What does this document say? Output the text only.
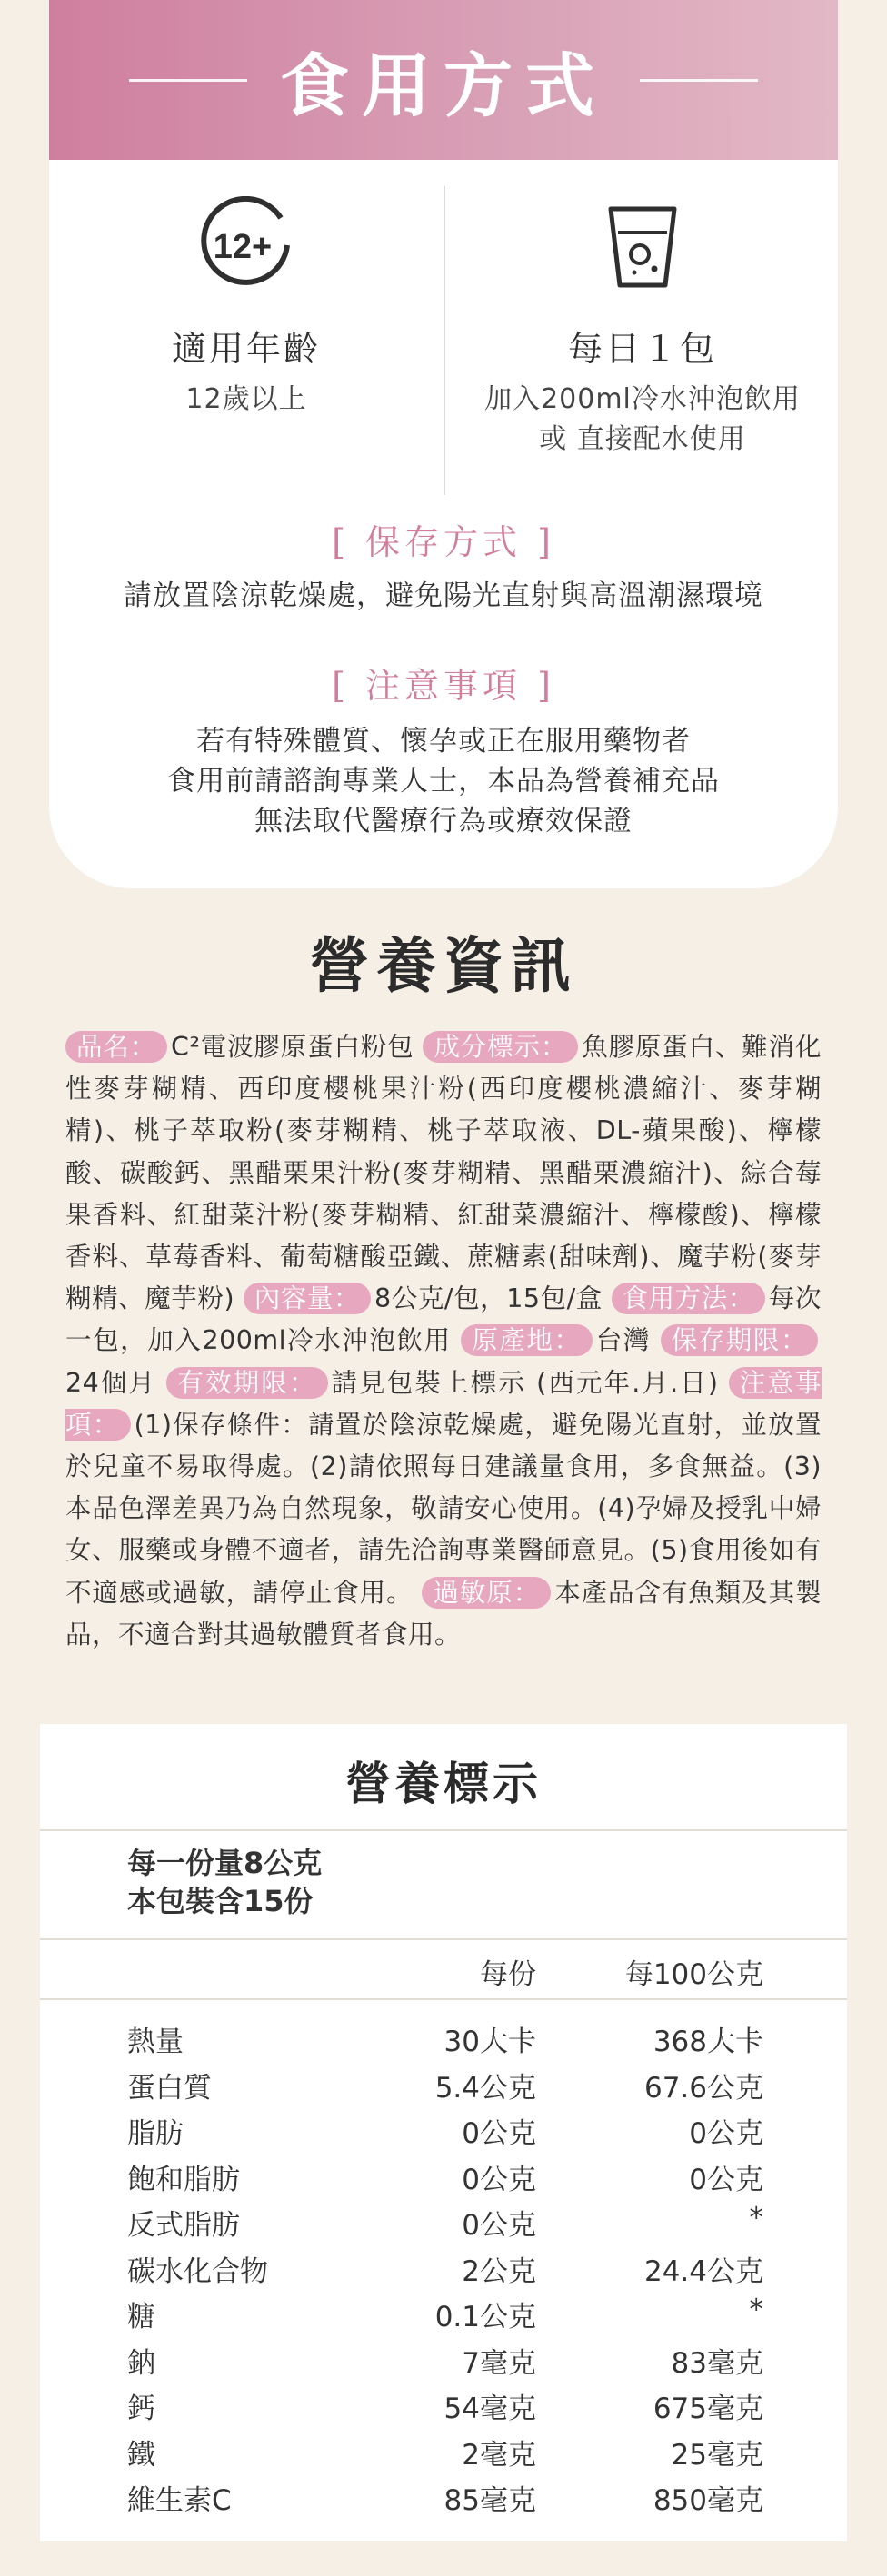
食用方式
12+
適用年齡
12歲以上
每日１包
加入200ml冷水沖泡飲用
或 直接配水使用
[ 保存方式 ]
請放置陰涼乾燥處，避免陽光直射與高溫潮濕環境
[ 注意事項 ]
若有特殊體質、懷孕或正在服用藥物者
食用前請諮詢專業人士，本品為營養補充品
無法取代醫療行為或療效保證
營養資訊
品名： C²電波膠原蛋白粉包 成分標示： 魚膠原蛋白、難消化性麥芽糊精、西印度櫻桃果汁粉(西印度櫻桃濃縮汁、麥芽糊精)、桃子萃取粉(麥芽糊精、桃子萃取液、DL-蘋果酸)、檸檬酸、碳酸鈣、黑醋栗果汁粉(麥芽糊精、黑醋栗濃縮汁)、綜合莓果香料、紅甜菜汁粉(麥芽糊精、紅甜菜濃縮汁、檸檬酸)、檸檬香料、草莓香料、葡萄糖酸亞鐵、蔗糖素(甜味劑)、魔芋粉(麥芽糊精、魔芋粉) 內容量： 8公克/包，15包/盒 食用方法： 每次一包，加入200ml冷水沖泡飲用 原產地： 台灣 保存期限：24個月 有效期限： 請見包裝上標示 (西元年.月.日) 注意事項： (1)保存條件：請置於陰涼乾燥處，避免陽光直射，並放置於兒童不易取得處。(2)請依照每日建議量食用，多食無益。(3)本品色澤差異乃為自然現象，敬請安心使用。(4)孕婦及授乳中婦女、服藥或身體不適者，請先洽詢專業醫師意見。(5)食用後如有不適感或過敏，請停止食用。 過敏原： 本產品含有魚類及其製品，不適合對其過敏體質者食用。
營養標示
每一份量8公克
本包裝含15份
每份	每100公克
熱量	30大卡	368大卡
蛋白質	5.4公克	67.6公克
脂肪	0公克	0公克
飽和脂肪	0公克	0公克
反式脂肪	0公克	*
碳水化合物	2公克	24.4公克
糖	0.1公克	*
鈉	7毫克	83毫克
鈣	54毫克	675毫克
鐵	2毫克	25毫克
維生素C	85毫克	850毫克
